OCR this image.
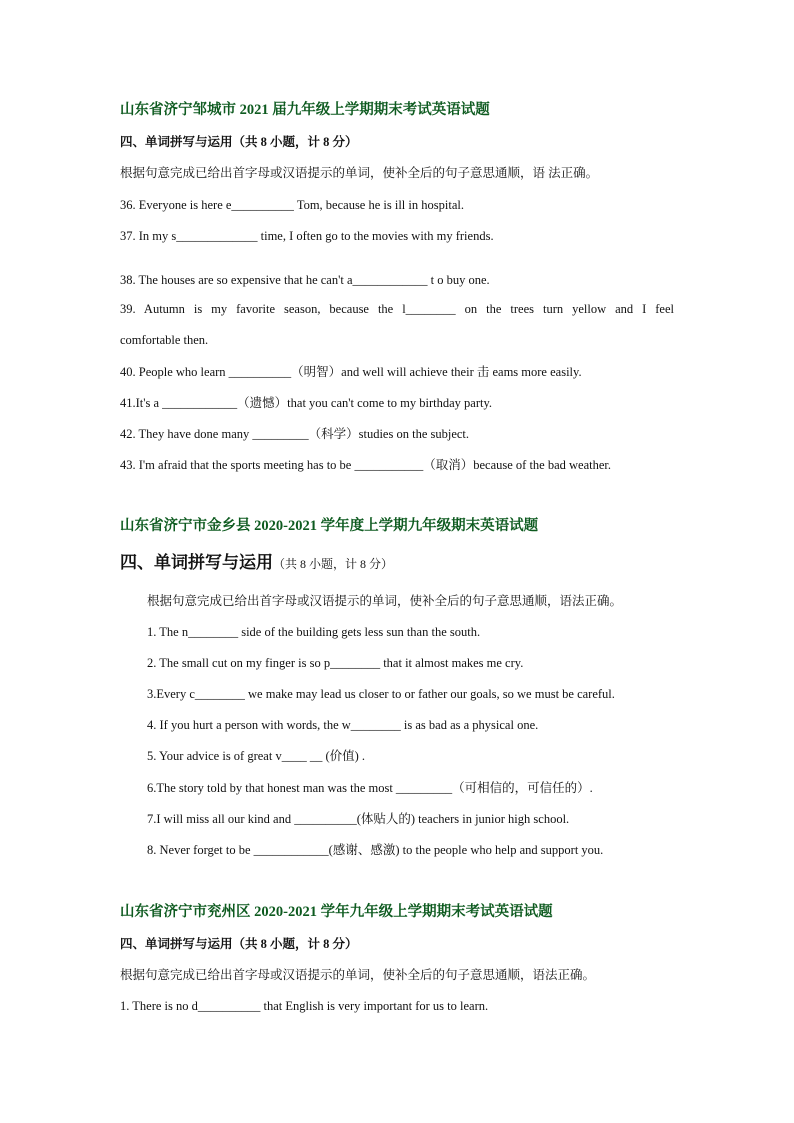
山东省济宁邹城市 2021 届九年级上学期期末考试英语试题
四、单词拼写与运用（共 8 小题，计 8 分）
根据句意完成已给出首字母或汉语提示的单词，使补全后的句子意思通顺，语 法正确。
36. Everyone is here e__________ Tom, because he is ill in hospital.
37. In my s_____________ time, I often go to the movies with my friends.
38. The houses are so expensive that he can't a____________ t o buy one.
39. Autumn is my favorite season, because the l________ on the trees turn yellow and I feel
comfortable then.
40. People who learn __________（明智）and well will achieve their 击 eams more easily.
41.It's a ____________（遗憾）that you can't come to my birthday party.
42. They have done many _________（科学）studies on the subject.
43. I'm afraid that the sports meeting has to be ___________（取消）because of the bad weather.
山东省济宁市金乡县 2020-2021 学年度上学期九年级期末英语试题
四、单词拼写与运用（共 8 小题，计 8 分）
根据句意完成已给出首字母或汉语提示的单词，使补全后的句子意思通顺，语法正确。
1. The n________ side of the building gets less sun than the south.
2. The small cut on my finger is so p________ that it almost makes me cry.
3.Every c________ we make may lead us closer to or father our goals, so we must be careful.
4. If you hurt a person with words, the w________ is as bad as a physical one.
5. Your advice is of great v____ __ (价值) .
6.The story told by that honest man was the most _________（可相信的，可信任的）.
7.I will miss all our kind and __________(体贴人的) teachers in junior high school.
8. Never forget to be ____________(感谢、感激) to the people who help and support you.
山东省济宁市兖州区 2020-2021 学年九年级上学期期末考试英语试题
四、单词拼写与运用（共 8 小题，计 8 分）
根据句意完成已给出首字母或汉语提示的单词，使补全后的句子意思通顺，语法正确。
1. There is no d__________ that English is very important for us to learn.
